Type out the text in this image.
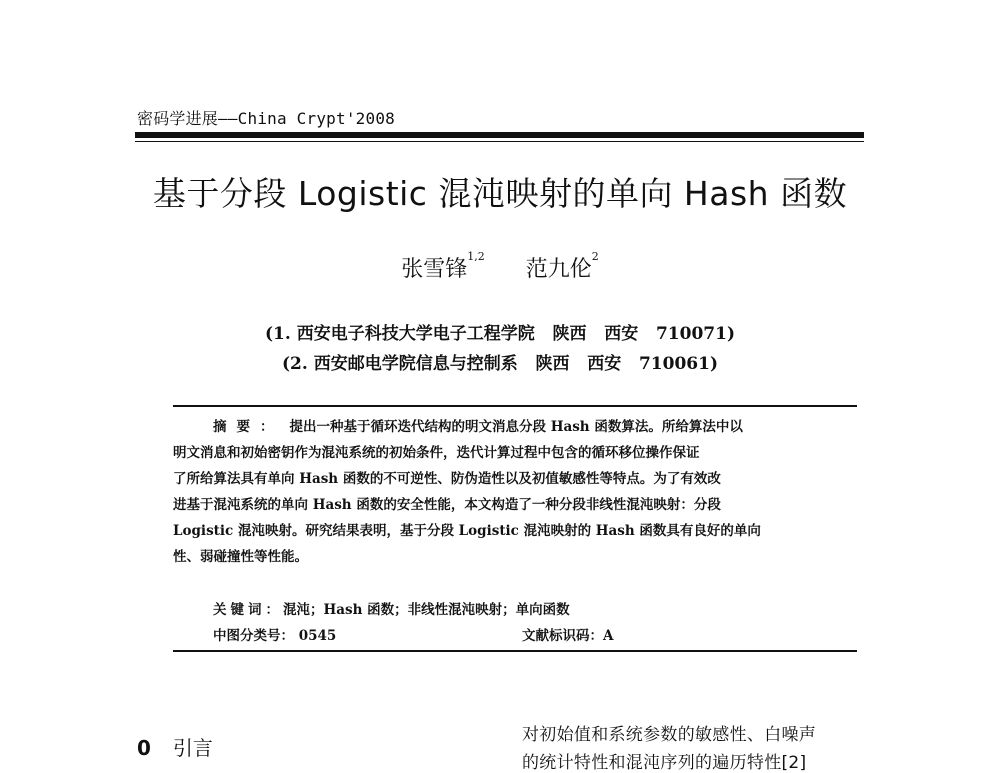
密码学进展——China Crypt'2008
基于分段 Logistic 混沌映射的单向 Hash 函数
张雪锋$^{1,2}$ 范九伦$^2$
(1. 西安电子科技大学电子工程学院   陕西   西安   710071)
(2. 西安邮电学院信息与控制系   陕西   西安   710061)
摘要： 提出一种基于循环迭代结构的明文消息分段 Hash 函数算法。所给算法中以
明文消息和初始密钥作为混沌系统的初始条件，迭代计算过程中包含的循环移位操作保证
了所给算法具有单向 Hash 函数的不可逆性、防伪造性以及初值敏感性等特点。为了有效改
进基于混沌系统的单向 Hash 函数的安全性能，本文构造了一种分段非线性混沌映射：分段
Logistic 混沌映射。研究结果表明，基于分段 Logistic 混沌映射的 Hash 函数具有良好的单向
性、弱碰撞性等性能。
关键词：混沌；Hash 函数；非线性混沌映射；单向函数
中图分类号： 0545	文献标识码：A
0 引言
对初始值和系统参数的敏感性、白噪声
的统计特性和混沌序列的遍历特性[2]
